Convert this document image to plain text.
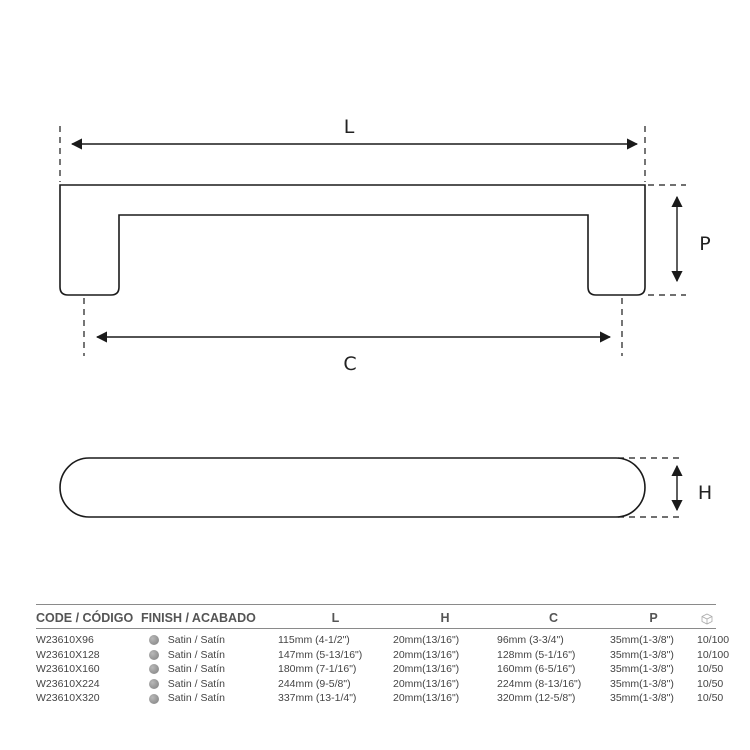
L
C
P
H
CODE / CÓDIGO	FINISH / ACABADO	L	H	C	P	
W23610X96	Satin / Satín	115mm (4-1/2")	20mm(13/16")	96mm (3-3/4")	35mm(1-3/8")	10/100
W23610X128	Satin / Satín	147mm (5-13/16")	20mm(13/16")	128mm (5-1/16")	35mm(1-3/8")	10/100
W23610X160	Satin / Satín	180mm (7-1/16")	20mm(13/16")	160mm (6-5/16")	35mm(1-3/8")	10/50
W23610X224	Satin / Satín	244mm (9-5/8")	20mm(13/16")	224mm (8-13/16")	35mm(1-3/8")	10/50
W23610X320	Satin / Satín	337mm (13-1/4")	20mm(13/16")	320mm (12-5/8")	35mm(1-3/8")	10/50
